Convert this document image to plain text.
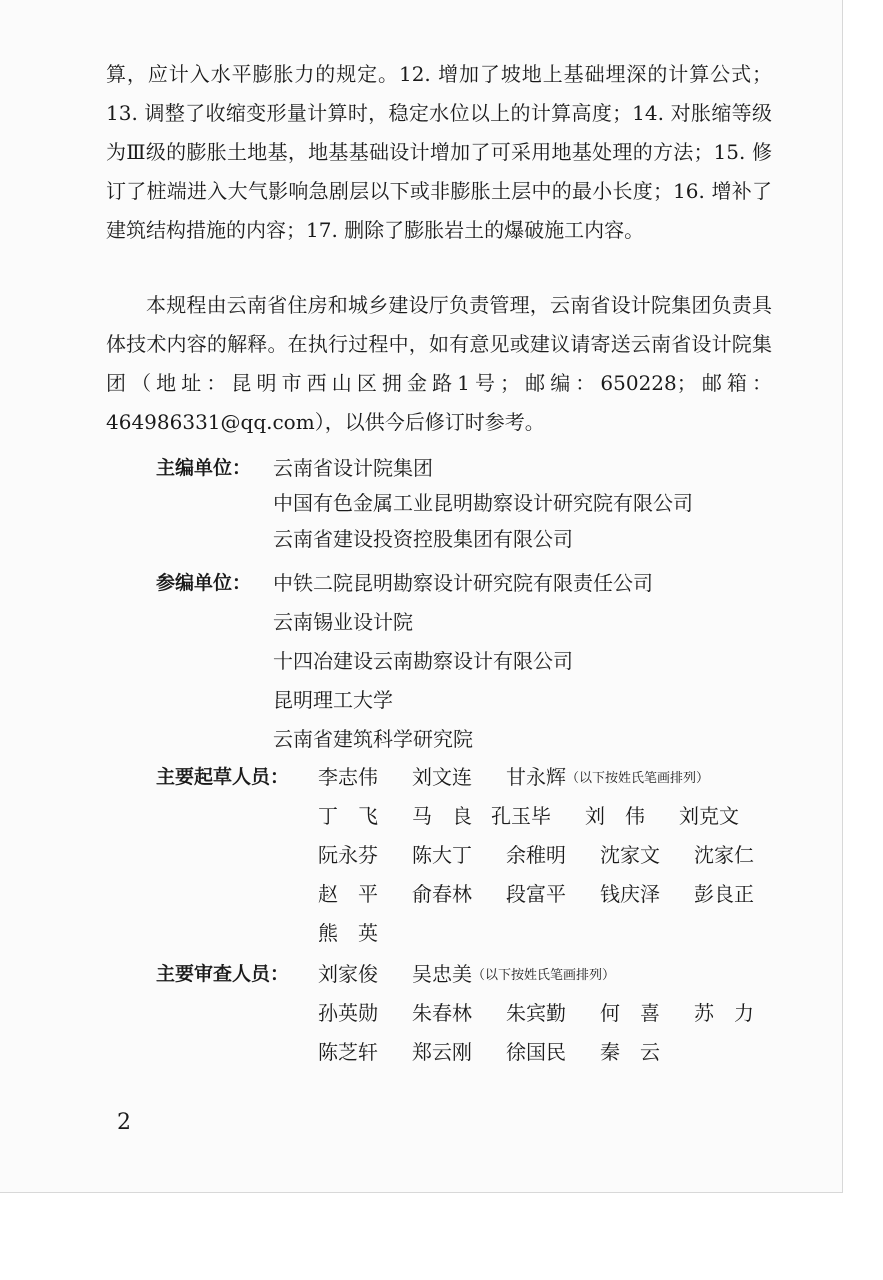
算，应计入水平膨胀力的规定。12. 增加了坡地上基础埋深的计算公式；13. 调整了收缩变形量计算时，稳定水位以上的计算高度；14. 对胀缩等级为Ⅲ级的膨胀土地基，地基基础设计增加了可采用地基处理的方法；15. 修订了桩端进入大气影响急剧层以下或非膨胀土层中的最小长度；16. 增补了建筑结构措施的内容；17. 删除了膨胀岩土的爆破施工内容。

本规程由云南省住房和城乡建设厅负责管理，云南省设计院集团负责具体技术内容的解释。在执行过程中，如有意见或建议请寄送云南省设计院集团（地址：昆明市西山区拥金路1号；邮编：650228；邮箱：464986331@qq.com），以供今后修订时参考。

主编单位： 云南省设计院集团
中国有色金属工业昆明勘察设计研究院有限公司
云南省建设投资控股集团有限公司
参编单位： 中铁二院昆明勘察设计研究院有限责任公司
云南锡业设计院
十四冶建设云南勘察设计有限公司
昆明理工大学
云南省建筑科学研究院
主要起草人员： 李志伟 刘文连 甘永辉 （以下按姓氏笔画排列）
丁　飞 马　良 孔玉毕 刘　伟 刘克文
阮永芬 陈大丁 余稚明 沈家文 沈家仁
赵　平 俞春林 段富平 钱庆泽 彭良正
熊　英
主要审查人员： 刘家俊 吴忠美 （以下按姓氏笔画排列）
孙英勋 朱春林 朱宾勤 何　喜 苏　力
陈芝轩 郑云刚 徐国民 秦　云
2
